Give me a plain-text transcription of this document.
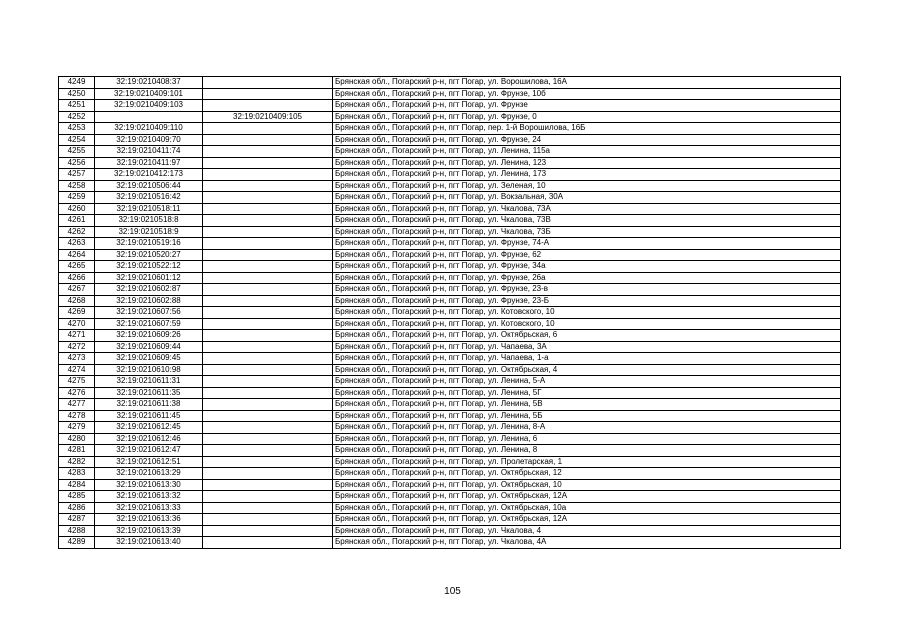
4249	32:19:0210408:37		Брянская обл., Погарский р-н, пгт Погар, ул. Ворошилова, 16А
4250	32:19:0210409:101		Брянская обл., Погарский р-н, пгт Погар, ул. Фрунзе, 10б
4251	32:19:0210409:103		Брянская обл., Погарский р-н, пгт Погар, ул. Фрунзе
4252		32:19:0210409:105	Брянская обл., Погарский р-н, пгт Погар, ул. Фрунзе, 0
4253	32:19:0210409:110		Брянская обл., Погарский р-н, пгт Погар, пер. 1-й Ворошилова, 16Б
4254	32:19:0210409:70		Брянская обл., Погарский р-н, пгт Погар, ул. Фрунзе, 24
4255	32:19:0210411:74		Брянская обл., Погарский р-н, пгт Погар, ул. Ленина, 115а
4256	32:19:0210411:97		Брянская обл., Погарский р-н, пгт Погар, ул. Ленина, 123
4257	32:19:0210412:173		Брянская обл., Погарский р-н, пгт Погар, ул. Ленина, 173
4258	32:19:0210506:44		Брянская обл., Погарский р-н, пгт Погар, ул. Зеленая, 10
4259	32:19:0210516:42		Брянская обл., Погарский р-н, пгт Погар, ул. Вокзальная, 30А
4260	32:19:0210518:11		Брянская обл., Погарский р-н, пгт Погар, ул. Чкалова, 73А
4261	32:19:0210518:8		Брянская обл., Погарский р-н, пгт Погар, ул. Чкалова, 73В
4262	32:19:0210518:9		Брянская обл., Погарский р-н, пгт Погар, ул. Чкалова, 73Б
4263	32:19:0210519:16		Брянская обл., Погарский р-н, пгт Погар, ул. Фрунзе, 74-А
4264	32:19:0210520:27		Брянская обл., Погарский р-н, пгт Погар, ул. Фрунзе, 62
4265	32:19:0210522:12		Брянская обл., Погарский р-н, пгт Погар, ул. Фрунзе, 34а
4266	32:19:0210601:12		Брянская обл., Погарский р-н, пгт Погар, ул. Фрунзе, 26а
4267	32:19:0210602:87		Брянская обл., Погарский р-н, пгт Погар, ул. Фрунзе, 23-в
4268	32:19:0210602:88		Брянская обл., Погарский р-н, пгт Погар, ул. Фрунзе, 23-Б
4269	32:19:0210607:56		Брянская обл., Погарский р-н, пгт Погар, ул. Котовского, 10
4270	32:19:0210607:59		Брянская обл., Погарский р-н, пгт Погар, ул. Котовского, 10
4271	32:19:0210609:26		Брянская обл., Погарский р-н, пгт Погар, ул. Октябрьская, 6
4272	32:19:0210609:44		Брянская обл., Погарский р-н, пгт Погар, ул. Чапаева, 3А
4273	32:19:0210609:45		Брянская обл., Погарский р-н, пгт Погар, ул. Чапаева, 1-а
4274	32:19:0210610:98		Брянская обл., Погарский р-н, пгт Погар, ул. Октябрьская, 4
4275	32:19:0210611:31		Брянская обл., Погарский р-н, пгт Погар, ул. Ленина, 5-А
4276	32:19:0210611:35		Брянская обл., Погарский р-н, пгт Погар, ул. Ленина, 5Г
4277	32:19:0210611:38		Брянская обл., Погарский р-н, пгт Погар, ул. Ленина, 5В
4278	32:19:0210611:45		Брянская обл., Погарский р-н, пгт Погар, ул. Ленина, 5Б
4279	32:19:0210612:45		Брянская обл., Погарский р-н, пгт Погар, ул. Ленина, 8-А
4280	32:19:0210612:46		Брянская обл., Погарский р-н, пгт Погар, ул. Ленина, 6
4281	32:19:0210612:47		Брянская обл., Погарский р-н, пгт Погар, ул. Ленина, 8
4282	32:19:0210612:51		Брянская обл., Погарский р-н, пгт Погар, ул. Пролетарская, 1
4283	32:19:0210613:29		Брянская обл., Погарский р-н, пгт Погар, ул. Октябрьская, 12
4284	32:19:0210613:30		Брянская обл., Погарский р-н, пгт Погар, ул. Октябрьская, 10
4285	32:19:0210613:32		Брянская обл., Погарский р-н, пгт Погар, ул. Октябрьская, 12А
4286	32:19:0210613:33		Брянская обл., Погарский р-н, пгт Погар, ул. Октябрьская, 10а
4287	32:19:0210613:36		Брянская обл., Погарский р-н, пгт Погар, ул. Октябрьская, 12А
4288	32:19:0210613:39		Брянская обл., Погарский р-н, пгт Погар, ул. Чкалова, 4
4289	32:19:0210613:40		Брянская обл., Погарский р-н, пгт Погар, ул. Чкалова, 4А
105
